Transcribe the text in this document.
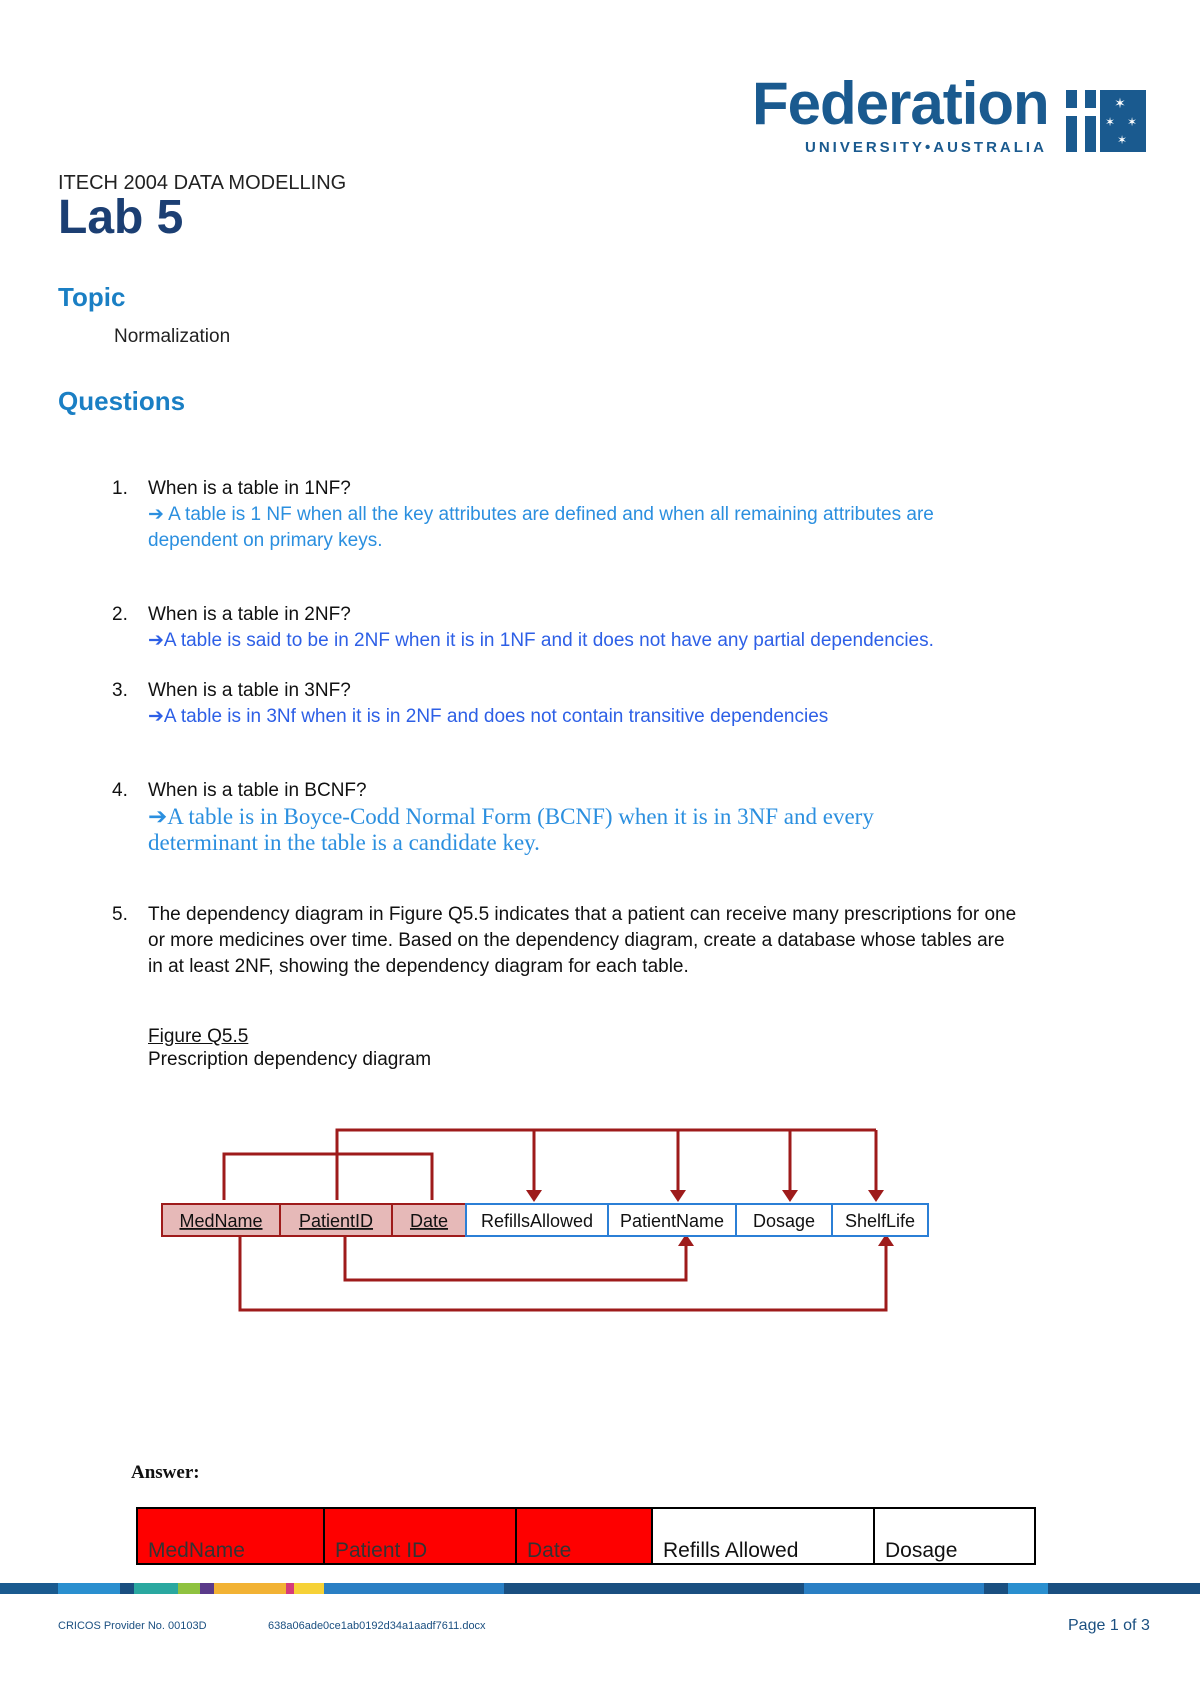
Federation
UNIVERSITY•AUSTRALIA
✶
✶ ✶
✶
✶
ITECH 2004 DATA MODELLING
Lab 5
Topic
Normalization
Questions
1. When is a table in 1NF?
➔ A table is 1 NF when all the key attributes are defined and when all remaining attributes are dependent on primary keys.
2. When is a table in 2NF?
➔A table is said to be in 2NF when it is in 1NF and it does not have any partial dependencies.
3. When is a table in 3NF?
➔A table is in 3Nf when it is in 2NF and does not contain transitive dependencies
4. When is a table in BCNF?
➔A table is in Boyce-Codd Normal Form (BCNF) when it is in 3NF and every determinant in the table is a candidate key.
5. The dependency diagram in Figure Q5.5 indicates that a patient can receive many prescriptions for one or more medicines over time. Based on the dependency diagram, create a database whose tables are in at least 2NF, showing the dependency diagram for each table.
Figure Q5.5
Prescription dependency diagram
MedName PatientID Date RefillsAllowed PatientName Dosage ShelfLife
Answer:
MedName	Patient ID	Date	Refills Allowed	Dosage
CRICOS Provider No. 00103D	638a06ade0ce1ab0192d34a1aadf7611.docx	Page 1 of 3
